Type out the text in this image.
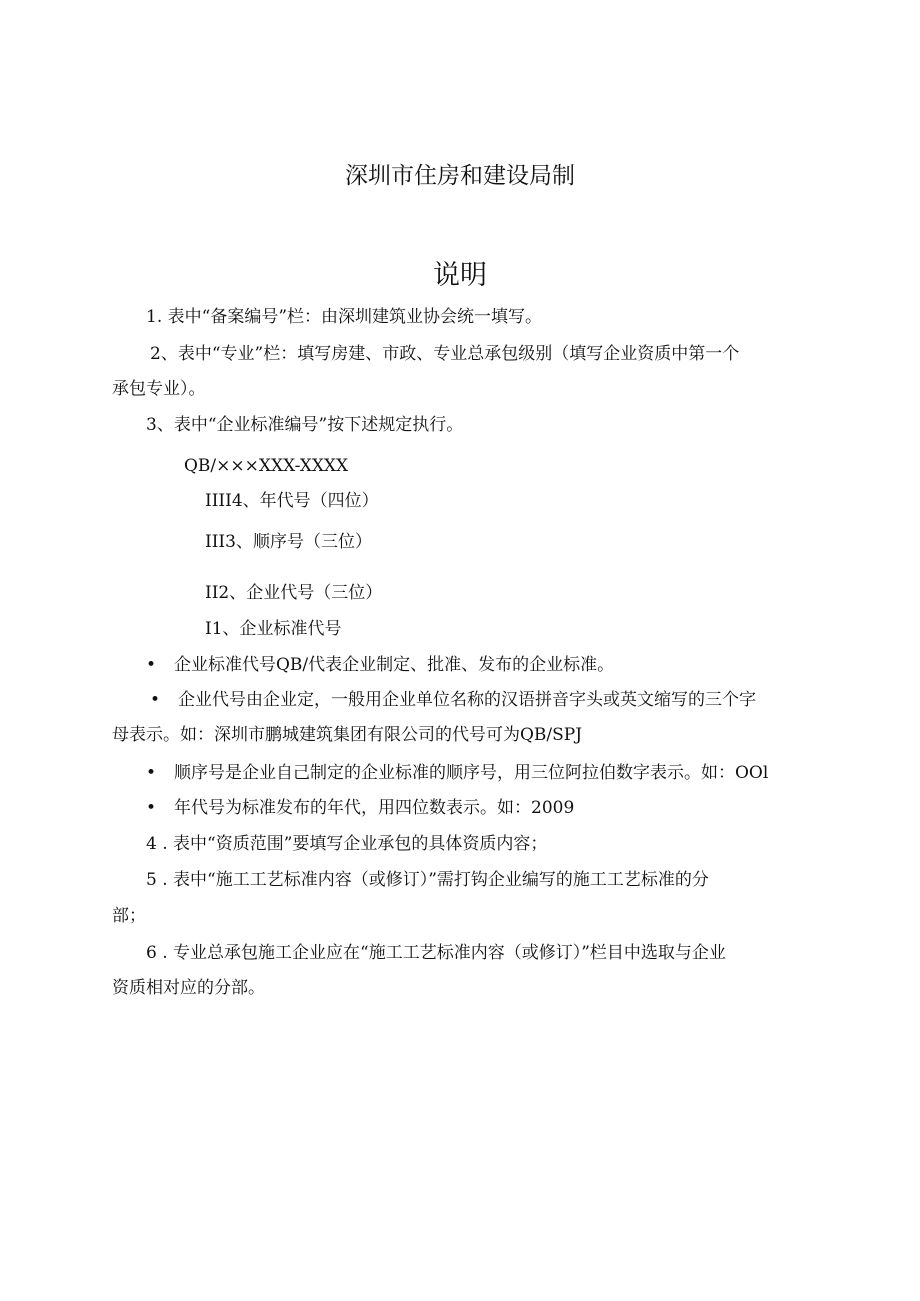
深圳市住房和建设局制
说明
1. 表中“备案编号”栏：由深圳建筑业协会统一填写。
2、表中“专业”栏：填写房建、市政、专业总承包级别（填写企业资质中第一个
承包专业）。
3、表中“企业标准编号”按下述规定执行。
QB/×××XXX-XXXX
IIII4、年代号（四位）
III3、顺序号（三位）
II2、企业代号（三位）
I1、企业标准代号
• 企业标准代号QB/代表企业制定、批准、发布的企业标准。
• 企业代号由企业定，一般用企业单位名称的汉语拼音字头或英文缩写的三个字
母表示。如：深圳市鹏城建筑集团有限公司的代号可为QB/SPJ
• 顺序号是企业自己制定的企业标准的顺序号，用三位阿拉伯数字表示。如：OOl
• 年代号为标准发布的年代，用四位数表示。如：2009
4 . 表中“资质范围”要填写企业承包的具体资质内容；
5 . 表中“施工工艺标准内容（或修订）”需打钩企业编写的施工工艺标准的分
部；
6 . 专业总承包施工企业应在“施工工艺标准内容（或修订）”栏目中选取与企业
资质相对应的分部。
